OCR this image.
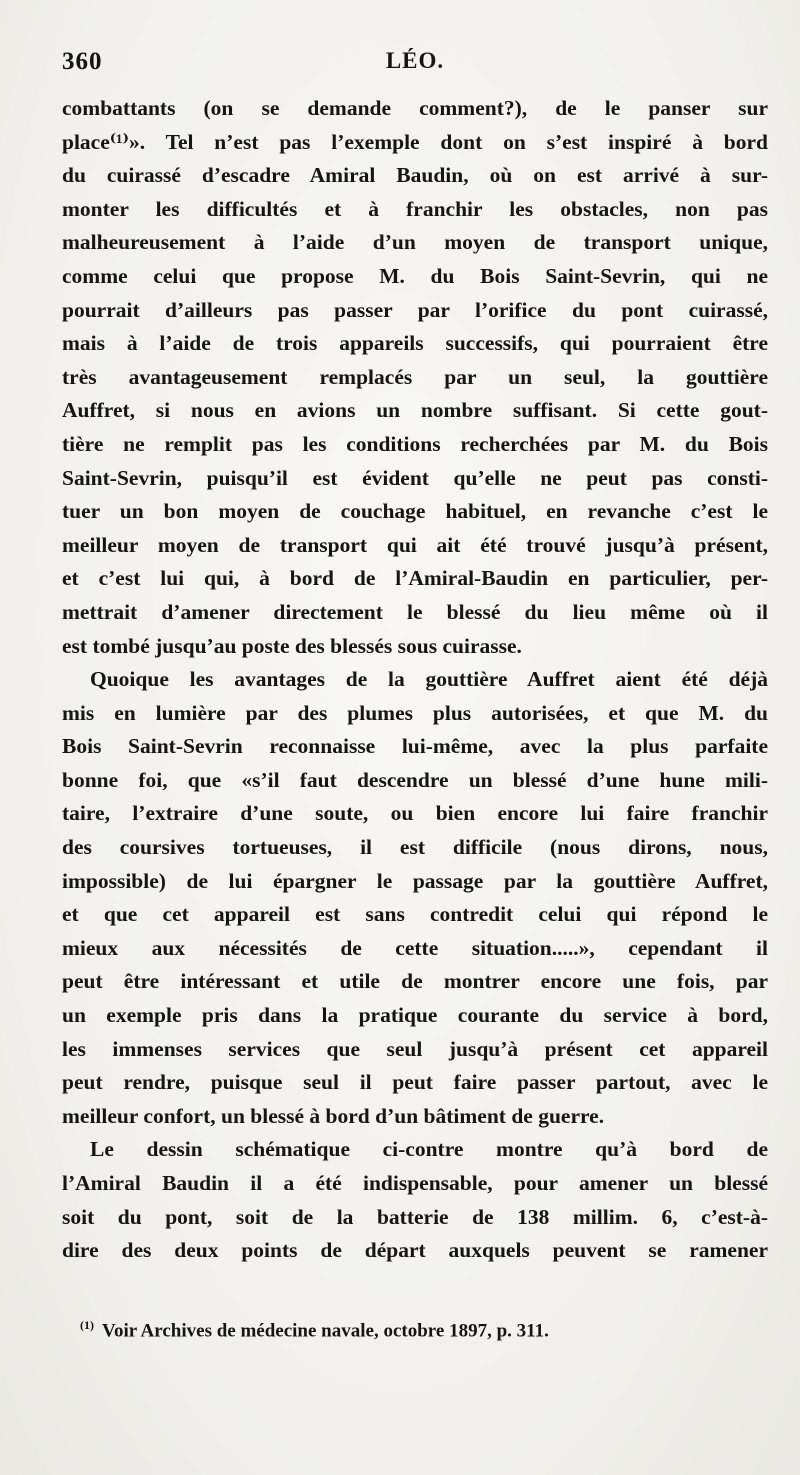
360	LÉO.
combattants (on se demande comment?), de le panser sur
place⁽¹⁾». Tel n’est pas l’exemple dont on s’est inspiré à bord
du cuirassé d’escadre Amiral Baudin, où on est arrivé à sur-
monter les difficultés et à franchir les obstacles, non pas
malheureusement à l’aide d’un moyen de transport unique,
comme celui que propose M. du Bois Saint-Sevrin, qui ne
pourrait d’ailleurs pas passer par l’orifice du pont cuirassé,
mais à l’aide de trois appareils successifs, qui pourraient être
très avantageusement remplacés par un seul, la gouttière
Auffret, si nous en avions un nombre suffisant. Si cette gout-
tière ne remplit pas les conditions recherchées par M. du Bois
Saint-Sevrin, puisqu’il est évident qu’elle ne peut pas consti-
tuer un bon moyen de couchage habituel, en revanche c’est le
meilleur moyen de transport qui ait été trouvé jusqu’à présent,
et c’est lui qui, à bord de l’Amiral-Baudin en particulier, per-
mettrait d’amener directement le blessé du lieu même où il
est tombé jusqu’au poste des blessés sous cuirasse.
Quoique les avantages de la gouttière Auffret aient été déjà
mis en lumière par des plumes plus autorisées, et que M. du
Bois Saint-Sevrin reconnaisse lui-même, avec la plus parfaite
bonne foi, que «s’il faut descendre un blessé d’une hune mili-
taire, l’extraire d’une soute, ou bien encore lui faire franchir
des coursives tortueuses, il est difficile (nous dirons, nous,
impossible) de lui épargner le passage par la gouttière Auffret,
et que cet appareil est sans contredit celui qui répond le
mieux aux nécessités de cette situation.....», cependant il
peut être intéressant et utile de montrer encore une fois, par
un exemple pris dans la pratique courante du service à bord,
les immenses services que seul jusqu’à présent cet appareil
peut rendre, puisque seul il peut faire passer partout, avec le
meilleur confort, un blessé à bord d’un bâtiment de guerre.
Le dessin schématique ci-contre montre qu’à bord de
l’Amiral Baudin il a été indispensable, pour amener un blessé
soit du pont, soit de la batterie de 138 millim. 6, c’est-à-
dire des deux points de départ auxquels peuvent se ramener
$^{(1)}$ Voir Archives de médecine navale, octobre 1897, p. 311.
